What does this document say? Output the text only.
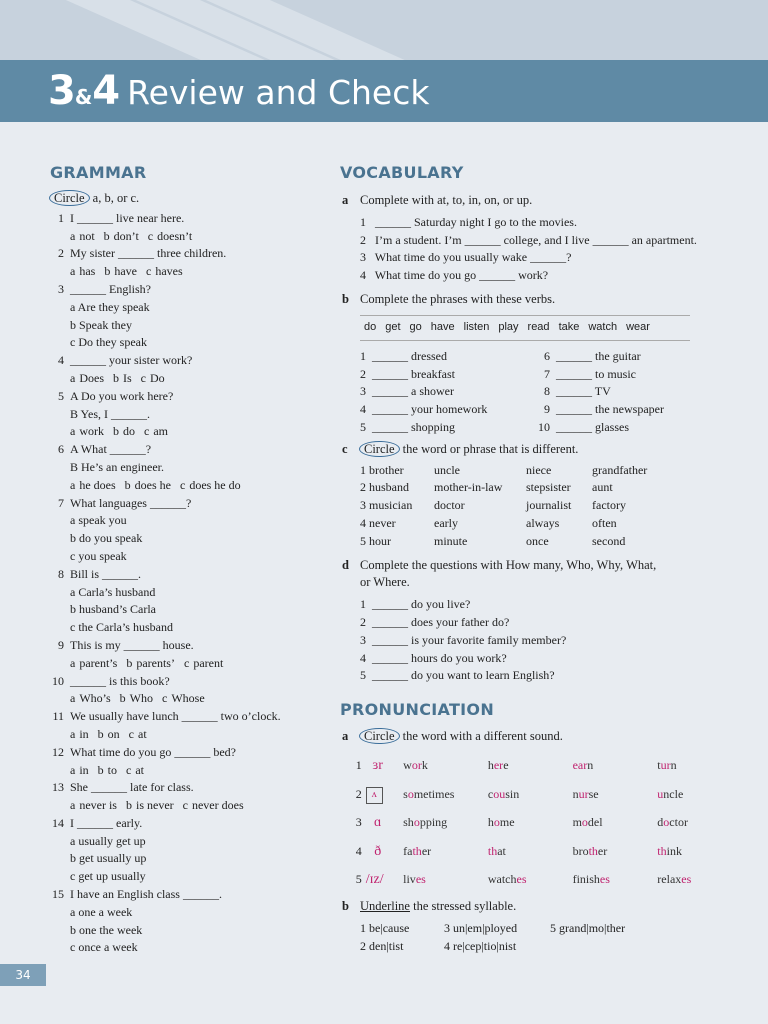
3&4 Review and Check
GRAMMAR
Circle a, b, or c.
1 I ______ live near here.
a not b don’t c doesn’t
2 My sister ______ three children.
a has b have c haves
3 ______ English?
a Are they speak
b Speak they
c Do they speak
4 ______ your sister work?
a Does b Is c Do
5 A Do you work here?
B Yes, I ______.
a work b do c am
6 A What ______?
B He’s an engineer.
a he does b does he c does he do
7 What languages ______?
a speak you
b do you speak
c you speak
8 Bill is ______.
a Carla’s husband
b husband’s Carla
c the Carla’s husband
9 This is my ______ house.
a parent’s b parents’ c parent
10 ______ is this book?
a Who’s b Who c Whose
11 We usually have lunch ______ two o’clock.
a in b on c at
12 What time do you go ______ bed?
a in b to c at
13 She ______ late for class.
a never is b is never c never does
14 I ______ early.
a usually get up
b get usually up
c get up usually
15 I have an English class ______.
a one a week
b one the week
c once a week
VOCABULARY
a Complete with at, to, in, on, or up.
1   ______ Saturday night I go to the movies.
2   I’m a student. I’m ______ college, and I live ______ an apartment.
3   What time do you usually wake ______?
4   What time do you go ______ work?
b Complete the phrases with these verbs.
do get go have listen play read take watch wear
1 ______ dressed
2 ______ breakfast
3 ______ a shower
4 ______ your homework
5 ______ shopping
6 ______ the guitar
7 ______ to music
8 ______ TV
9 ______ the newspaper
10 ______ glasses
c	Circle the word or phrase that is different.
1 brother	uncle	niece	grandfather
2 husband	mother-in-law	stepsister	aunt
3 musician	doctor	journalist	factory
4 never	early	always	often
5 hour	minute	once	second
d Complete the questions with How many, Who, Why, What,
or Where.
1 ______ do you live?
2 ______ does your father do?
3 ______ is your favorite family member?
4 ______ hours do you work?
5 ______ do you want to learn English?
PRONUNCIATION
a	Circle the word with a different sound.
1 ɜr	work	here	earn	turn
2	ʌ	sometimes	cousin	nurse	uncle
3 ɑ	shopping	home	model	doctor
4 ð	father	that	brother	think
5 /ɪz/	lives	watches	finishes	relaxes
b Underline the stressed syllable.
1 be|cause	3 un|em|ployed	5 grand|mo|ther
2 den|tist	4 re|cep|tio|nist
34
